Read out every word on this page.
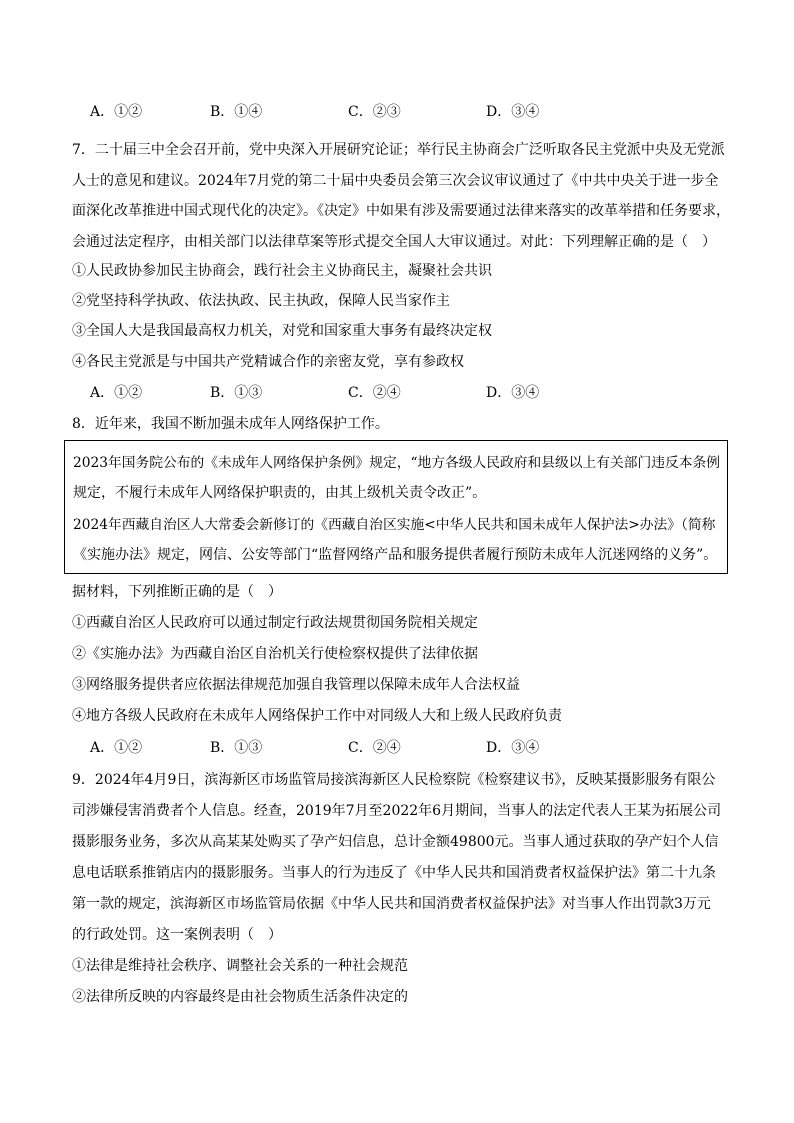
A．①②	B．①④	C．②③	D．③④
7．二十届三中全会召开前，党中央深入开展研究论证；举行民主协商会广泛听取各民主党派中央及无党派
人士的意见和建议。2024年7月党的第二十届中央委员会第三次会议审议通过了《中共中央关于进一步全
面深化改革推进中国式现代化的决定》。《决定》中如果有涉及需要通过法律来落实的改革举措和任务要求，
会通过法定程序，由相关部门以法律草案等形式提交全国人大审议通过。对此：下列理解正确的是（　）
①人民政协参加民主协商会，践行社会主义协商民主，凝聚社会共识
②党坚持科学执政、依法执政、民主执政，保障人民当家作主
③全国人大是我国最高权力机关，对党和国家重大事务有最终决定权
④各民主党派是与中国共产党精诚合作的亲密友党，享有参政权
A．①②	B．①③	C．②④	D．③④
8．近年来，我国不断加强未成年人网络保护工作。
2023年国务院公布的《未成年人网络保护条例》规定，“地方各级人民政府和县级以上有关部门违反本条例
规定，不履行未成年人网络保护职责的，由其上级机关责令改正”。
2024年西藏自治区人大常委会新修订的《西藏自治区实施<中华人民共和国未成年人保护法>办法》（简称
《实施办法》规定，网信、公安等部门“监督网络产品和服务提供者履行预防未成年人沉迷网络的义务”。
据材料，下列推断正确的是（　）
①西藏自治区人民政府可以通过制定行政法规贯彻国务院相关规定
②《实施办法》为西藏自治区自治机关行使检察权提供了法律依据
③网络服务提供者应依据法律规范加强自我管理以保障未成年人合法权益
④地方各级人民政府在未成年人网络保护工作中对同级人大和上级人民政府负责
A．①②	B．①③	C．②④	D．③④
9．2024年4月9日，滨海新区市场监管局接滨海新区人民检察院《检察建议书》，反映某摄影服务有限公
司涉嫌侵害消费者个人信息。经查，2019年7月至2022年6月期间，当事人的法定代表人王某为拓展公司
摄影服务业务，多次从高某某处购买了孕产妇信息，总计金额49800元。当事人通过获取的孕产妇个人信
息电话联系推销店内的摄影服务。当事人的行为违反了《中华人民共和国消费者权益保护法》第二十九条
第一款的规定，滨海新区市场监管局依据《中华人民共和国消费者权益保护法》对当事人作出罚款3万元
的行政处罚。这一案例表明（　）
①法律是维持社会秩序、调整社会关系的一种社会规范
②法律所反映的内容最终是由社会物质生活条件决定的
